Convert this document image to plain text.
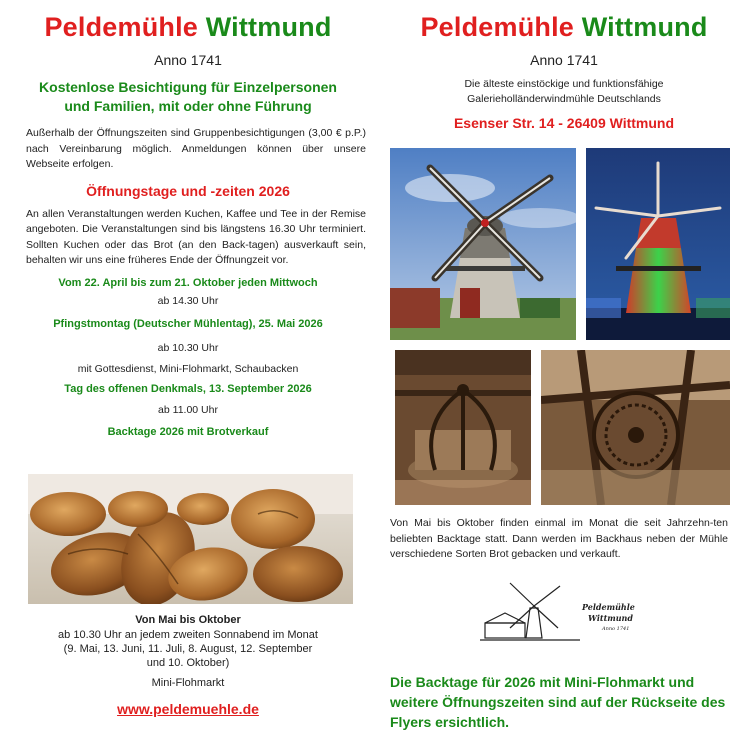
Peldemühle Wittmund
Anno 1741
Kostenlose Besichtigung für Einzelpersonen
und Familien, mit oder ohne Führung
Außerhalb der Öffnungszeiten sind Gruppenbesichtigungen (3,00 € p.P.) nach Vereinbarung möglich. Anmeldungen können über unsere Webseite erfolgen.
Öffnungstage und -zeiten 2026
An allen Veranstaltungen werden Kuchen, Kaffee und Tee in der Remise angeboten. Die Veranstaltungen sind bis längstens 16.30 Uhr terminiert. Sollten Kuchen oder das Brot (an den Back-tagen) ausverkauft sein, behalten wir uns eine früheres Ende der Öffnungzeit vor.
Vom 22. April bis zum 21. Oktober jeden Mittwoch
ab 14.30 Uhr
Pfingstmontag (Deutscher Mühlentag), 25. Mai 2026
ab 10.30 Uhr
mit Gottesdienst, Mini-Flohmarkt, Schaubacken
Tag des offenen Denkmals, 13. September 2026
ab 11.00 Uhr
Backtage 2026 mit Brotverkauf
Von Mai bis Oktober
ab 10.30 Uhr an jedem zweiten Sonnabend im Monat
(9. Mai, 13. Juni, 11. Juli, 8. August, 12. September
und 10. Oktober)
Mini-Flohmarkt
www.peldemuehle.de
Peldemühle Wittmund
Anno 1741
Die älteste einstöckige und funktionsfähige
Galerieholländerwindmühle Deutschlands
Esenser Str. 14 - 26409 Wittmund
Von Mai bis Oktober finden einmal im Monat die seit Jahrzehn-ten beliebten Backtage statt. Dann werden im Backhaus neben der Mühle verschiedene Sorten Brot gebacken und verkauft.
Peldemühle
Wittmund
Anno 1741
Die Backtage für 2026 mit Mini-Flohmarkt und weitere Öffnungszeiten sind auf der Rückseite des Flyers ersichtlich.
